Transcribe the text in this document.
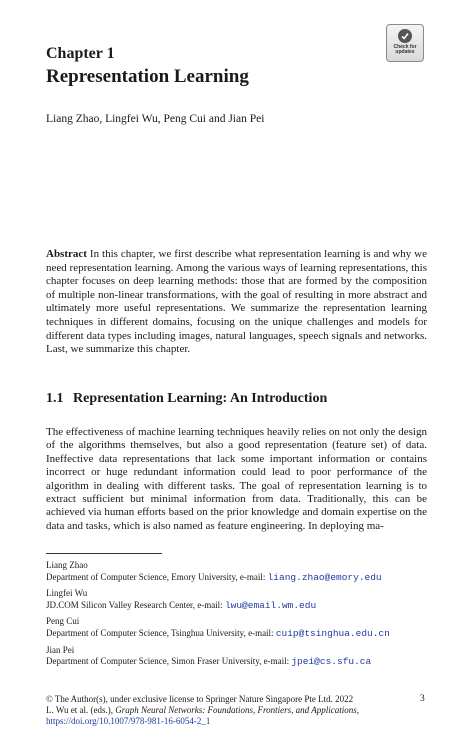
Check for
updates
Chapter 1
Representation Learning
Liang Zhao, Lingfei Wu, Peng Cui and Jian Pei
Abstract In this chapter, we first describe what representation learning is and why we need representation learning. Among the various ways of learning representations, this chapter focuses on deep learning methods: those that are formed by the composition of multiple non-linear transformations, with the goal of resulting in more abstract and ultimately more useful representations. We summarize the representation learning techniques in different domains, focusing on the unique challenges and models for different data types including images, natural languages, speech signals and networks. Last, we summarize this chapter.
1.1 Representation Learning: An Introduction
The effectiveness of machine learning techniques heavily relies on not only the design of the algorithms themselves, but also a good representation (feature set) of data. Ineffective data representations that lack some important information or contains incorrect or huge redundant information could lead to poor performance of the algorithm in dealing with different tasks. The goal of representation learning is to extract sufficient but minimal information from data. Traditionally, this can be achieved via human efforts based on the prior knowledge and domain expertise on the data and tasks, which is also named as feature engineering. In deploying ma-
Liang Zhao
Department of Computer Science, Emory University, e-mail: liang.zhao@emory.edu
Lingfei Wu
JD.COM Silicon Valley Research Center, e-mail: lwu@email.wm.edu
Peng Cui
Department of Computer Science, Tsinghua University, e-mail: cuip@tsinghua.edu.cn
Jian Pei
Department of Computer Science, Simon Fraser University, e-mail: jpei@cs.sfu.ca
© The Author(s), under exclusive license to Springer Nature Singapore Pte Ltd. 2022
L. Wu et al. (eds.), Graph Neural Networks: Foundations, Frontiers, and Applications,
https://doi.org/10.1007/978-981-16-6054-2_1
3
